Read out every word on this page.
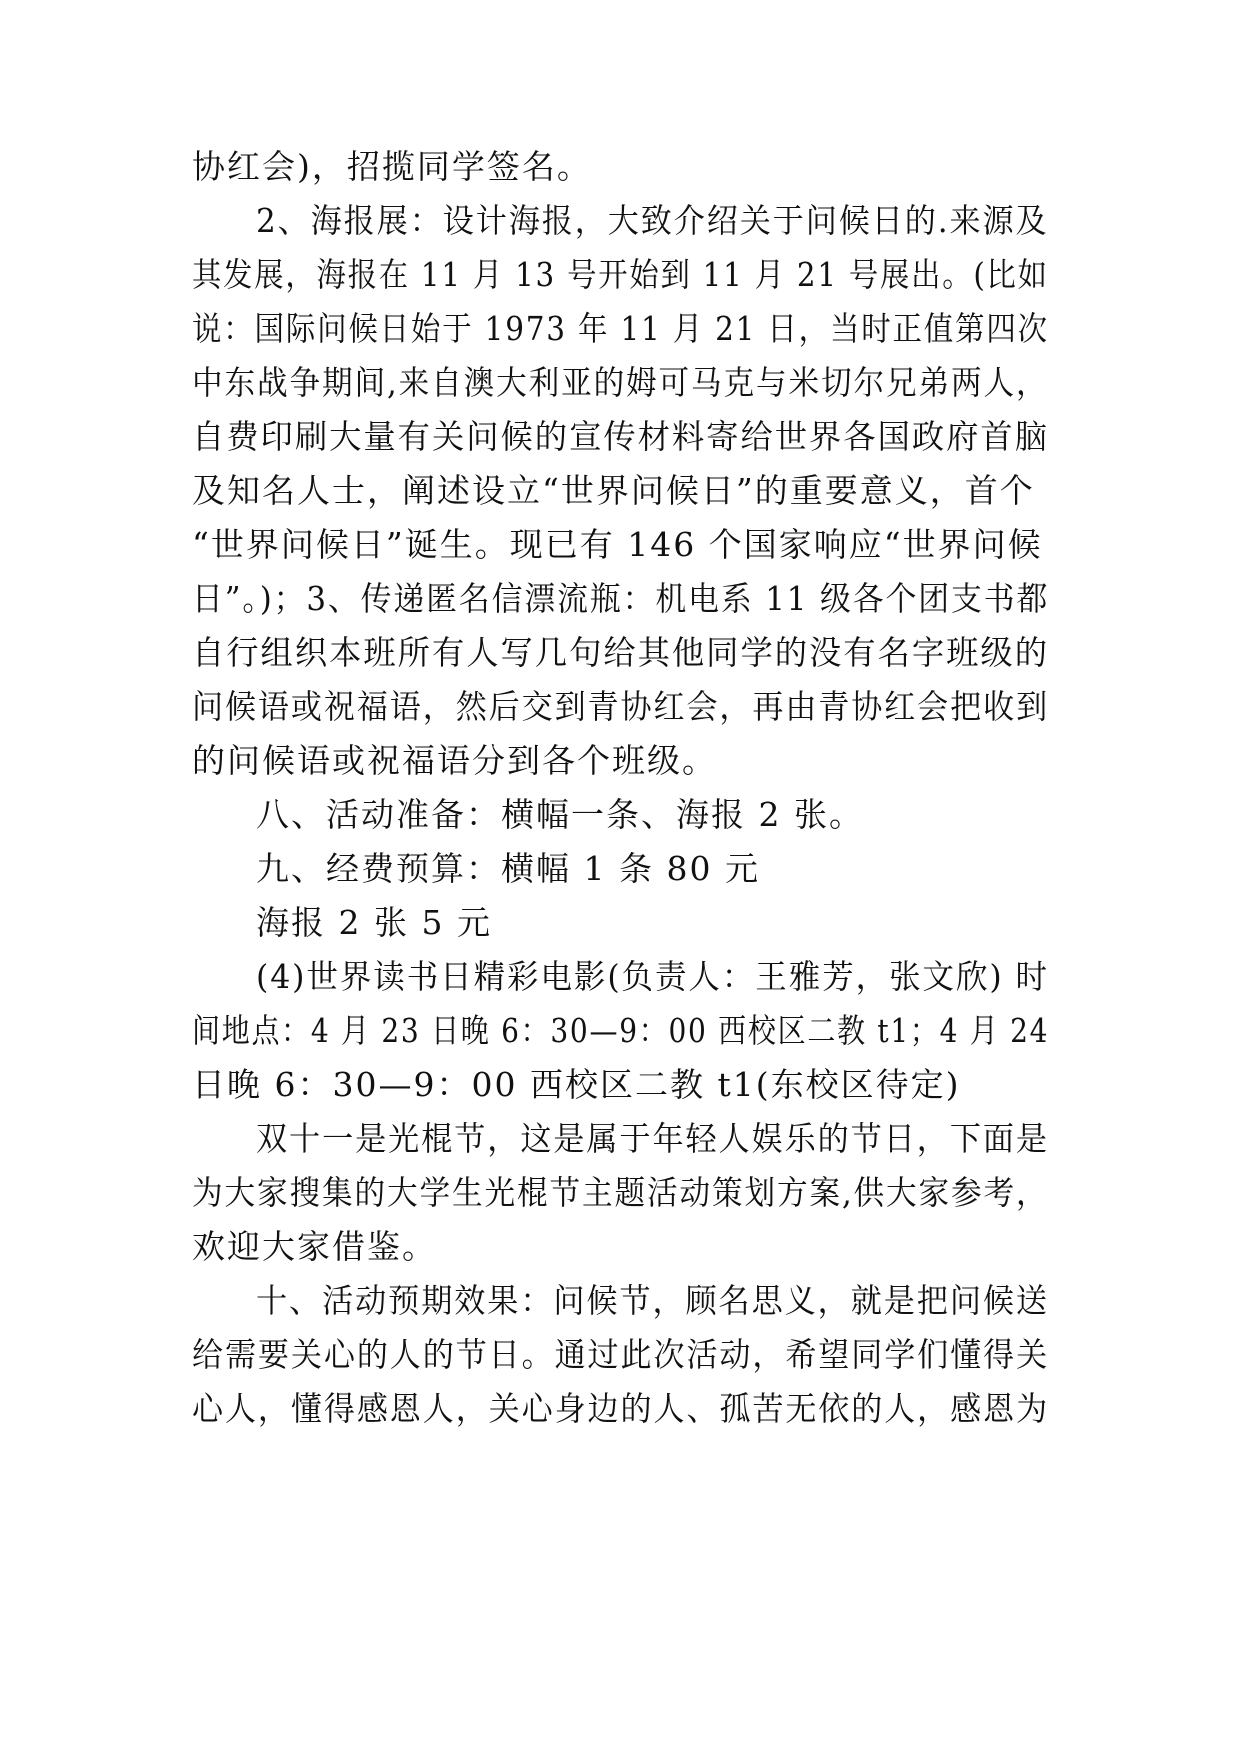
协红会)，招揽同学签名。
2、海报展：设计海报，大致介绍关于问候日的.来源及
其发展，海报在 11 月 13 号开始到 11 月 21 号展出。(比如
说：国际问候日始于 1973 年 11 月 21 日，当时正值第四次
中东战争期间,来自澳大利亚的姆可马克与米切尔兄弟两人，
自费印刷大量有关问候的宣传材料寄给世界各国政府首脑
及知名人士，阐述设立“世界问候日”的重要意义，首个
“世界问候日”诞生。现已有 146 个国家响应“世界问候
日”。)；3、传递匿名信漂流瓶：机电系 11 级各个团支书都
自行组织本班所有人写几句给其他同学的没有名字班级的
问候语或祝福语，然后交到青协红会，再由青协红会把收到
的问候语或祝福语分到各个班级。
八、活动准备：横幅一条、海报 2 张。
九、经费预算：横幅 1 条 80 元
海报 2 张 5 元
(4)世界读书日精彩电影(负责人：王雅芳，张文欣) 时
间地点：4 月 23 日晚 6：30—9：00 西校区二教 t1；4 月 24
日晚 6：30—9：00 西校区二教 t1(东校区待定)
双十一是光棍节，这是属于年轻人娱乐的节日，下面是
为大家搜集的大学生光棍节主题活动策划方案,供大家参考，
欢迎大家借鉴。
十、活动预期效果：问候节，顾名思义，就是把问候送
给需要关心的人的节日。通过此次活动，希望同学们懂得关
心人，懂得感恩人，关心身边的人、孤苦无依的人，感恩为
